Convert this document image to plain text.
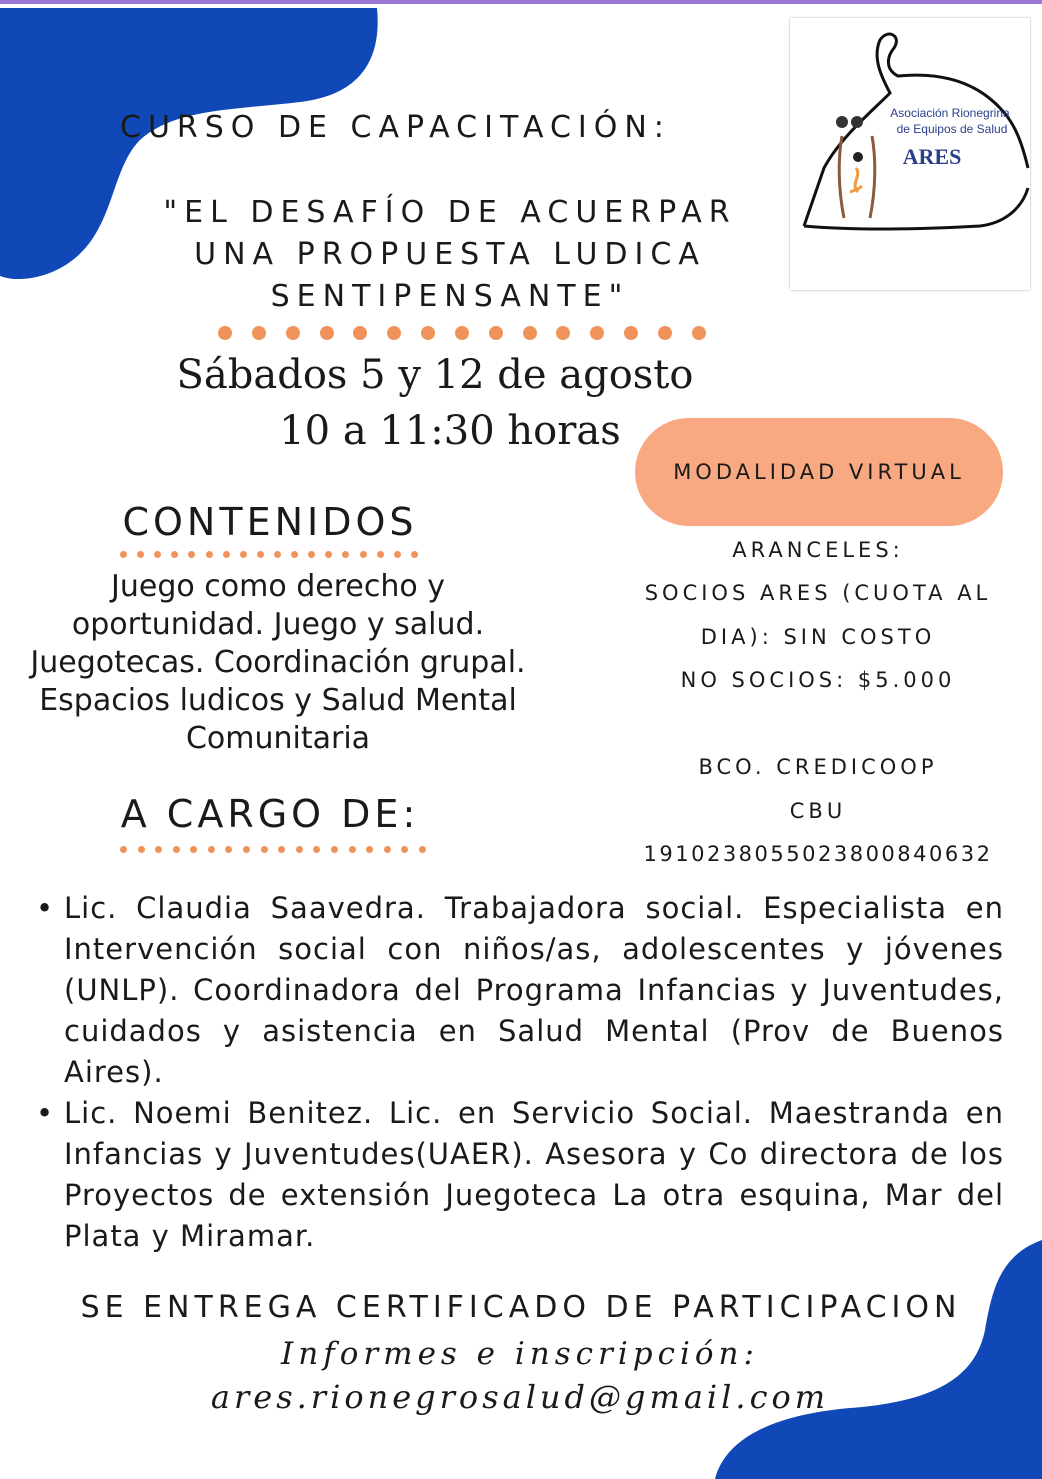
CURSO DE CAPACITACIÓN:
"EL DESAFÍO DE ACUERPAR
UNA PROPUESTA LUDICA
SENTIPENSANTE"
Sábados 5 y 12 de agosto
10 a 11:30 horas
MODALIDAD VIRTUAL
Asociación Rionegrina
de Equipos de Salud
ARES
CONTENIDOS
Juego como derecho y oportunidad. Juego y salud. Juegotecas. Coordinación grupal. Espacios ludicos y Salud Mental Comunitaria
ARANCELES:
SOCIOS ARES (CUOTA AL
DIA): SIN COSTO
NO SOCIOS: $5.000
BCO. CREDICOOP
CBU
1910238055023800840632
A CARGO DE:
• Lic. Claudia Saavedra. Trabajadora social. Especialista en Intervención social con niños/as, adolescentes y jóvenes (UNLP). Coordinadora del Programa Infancias y Juventudes, cuidados y asistencia en Salud Mental (Prov de Buenos Aires).
• Lic. Noemi Benitez. Lic. en Servicio Social. Maestranda en Infancias y Juventudes(UAER). Asesora y Co directora de los Proyectos de extensión Juegoteca La otra esquina, Mar del Plata y Miramar.
SE ENTREGA CERTIFICADO DE PARTICIPACION
Informes e inscripción:
ares.rionegrosalud@gmail.com
